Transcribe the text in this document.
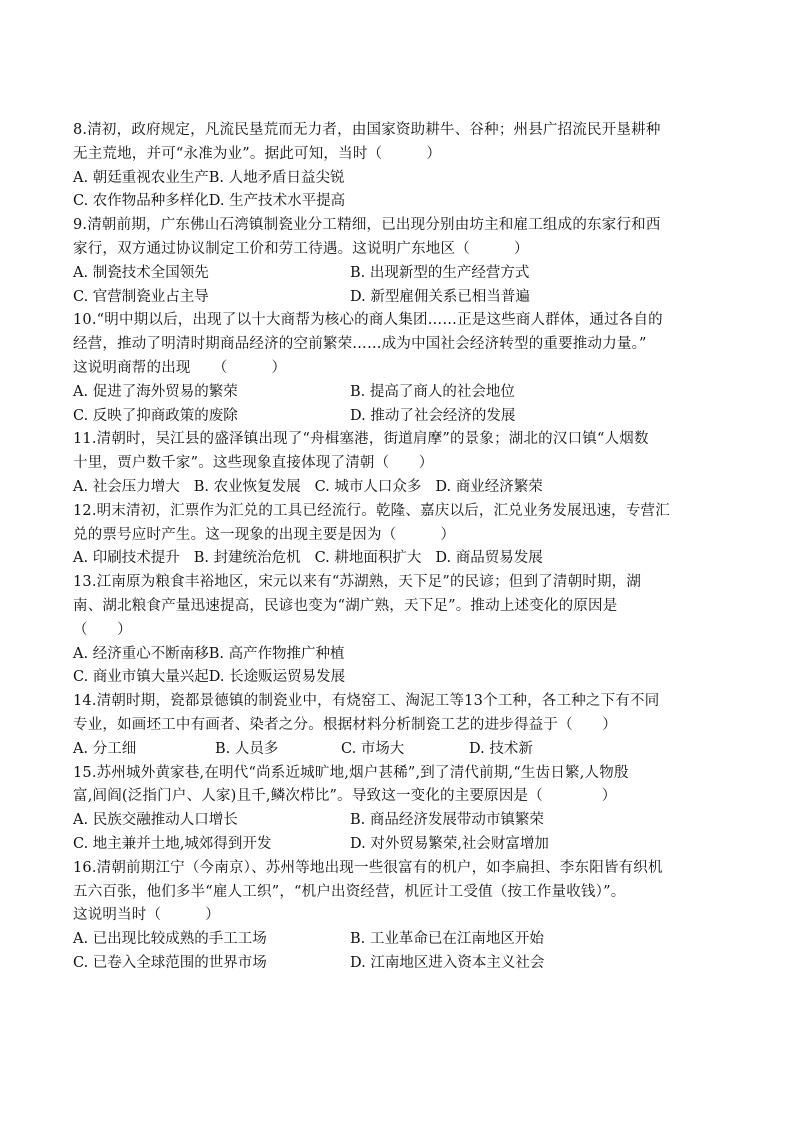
8.清初，政府规定，凡流民垦荒而无力者，由国家资助耕牛、谷种；州县广招流民开垦耕种
无主荒地，并可“永准为业”。据此可知，当时（　　　）
A. 朝廷重视农业生产B. 人地矛盾日益尖锐
C. 农作物品种多样化D. 生产技术水平提高
9.清朝前期，广东佛山石湾镇制瓷业分工精细，已出现分别由坊主和雇工组成的东家行和西
家行，双方通过协议制定工价和劳工待遇。这说明广东地区（　　　）
A. 制瓷技术全国领先	B. 出现新型的生产经营方式
C. 官营制瓷业占主导	D. 新型雇佣关系已相当普遍
10.“明中期以后，出现了以十大商帮为核心的商人集团……正是这些商人群体，通过各自的
经营，推动了明清时期商品经济的空前繁荣……成为中国社会经济转型的重要推动力量。”
这说明商帮的出现　　（　　　）
A. 促进了海外贸易的繁荣	B. 提高了商人的社会地位
C. 反映了抑商政策的废除	D. 推动了社会经济的发展
11.清朝时，吴江县的盛泽镇出现了“舟楫塞港，街道肩摩”的景象；湖北的汉口镇“人烟数
十里，贾户数千家”。这些现象直接体现了清朝（　　）
A. 社会压力增大 B. 农业恢复发展 C. 城市人口众多 D. 商业经济繁荣
12.明末清初，汇票作为汇兑的工具已经流行。乾隆、嘉庆以后，汇兑业务发展迅速，专营汇
兑的票号应时产生。这一现象的出现主要是因为（　　　）
A. 印刷技术提升 B. 封建统治危机 C. 耕地面积扩大 D. 商品贸易发展
13.江南原为粮食丰裕地区，宋元以来有“苏湖熟，天下足”的民谚；但到了清朝时期，湖
南、湖北粮食产量迅速提高，民谚也变为“湖广熟，天下足”。推动上述变化的原因是
（　　）
A. 经济重心不断南移B. 高产作物推广种植
C. 商业市镇大量兴起D. 长途贩运贸易发展
14.清朝时期，瓷都景德镇的制瓷业中，有烧窑工、淘泥工等13个工种，各工种之下有不同
专业，如画坯工中有画者、染者之分。根据材料分析制瓷工艺的进步得益于（　　）
A. 分工细	B. 人员多	C. 市场大	D. 技术新
15.苏州城外黄家巷,在明代“尚系近城旷地,烟户甚稀”,到了清代前期,“生齿日繁,人物殷
富,闾阎(泛指门户、人家)且千,鳞次栉比”。导致这一变化的主要原因是（　　　　）
A. 民族交融推动人口增长	B. 商品经济发展带动市镇繁荣
C. 地主兼并土地,城郊得到开发	D. 对外贸易繁荣,社会财富增加
16.清朝前期江宁（今南京）、苏州等地出现一些很富有的机户，如李扁担、李东阳皆有织机
五六百张，他们多半“雇人工织”，“机户出资经营，机匠计工受值（按工作量收钱）”。
这说明当时（　　　）
A. 已出现比较成熟的手工工场	B. 工业革命已在江南地区开始
C. 已卷入全球范围的世界市场	D. 江南地区进入资本主义社会
